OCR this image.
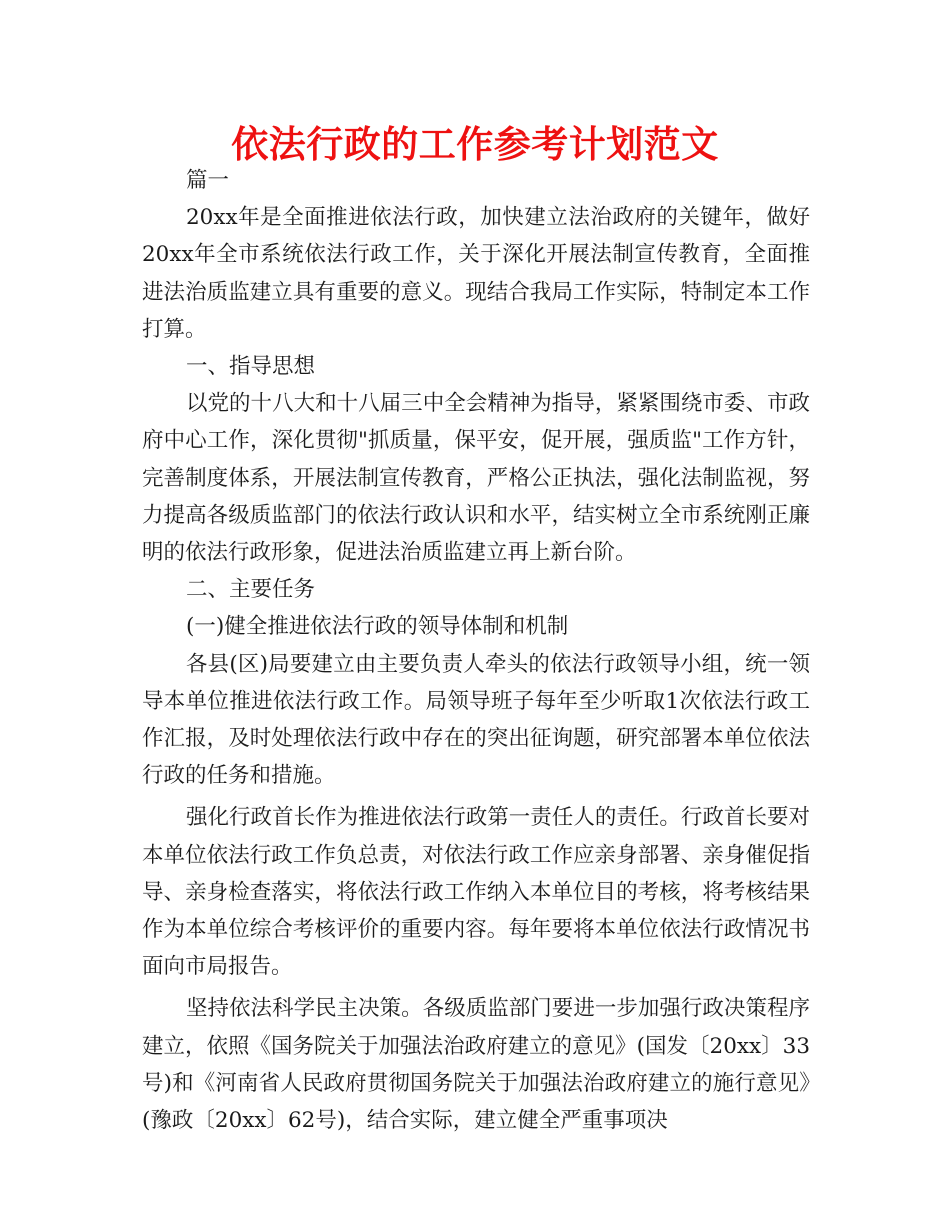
依法行政的工作参考计划范文

篇一

20xx年是全面推进依法行政，加快建立法治政府的关键年，做好20xx年全市系统依法行政工作，关于深化开展法制宣传教育，全面推进法治质监建立具有重要的意义。现结合我局工作实际，特制定本工作打算。

一、指导思想

以党的十八大和十八届三中全会精神为指导，紧紧围绕市委、市政府中心工作，深化贯彻"抓质量，保平安，促开展，强质监"工作方针，完善制度体系，开展法制宣传教育，严格公正执法，强化法制监视，努力提高各级质监部门的依法行政认识和水平，结实树立全市系统刚正廉明的依法行政形象，促进法治质监建立再上新台阶。

二、主要任务

(一)健全推进依法行政的领导体制和机制

各县(区)局要建立由主要负责人牵头的依法行政领导小组，统一领导本单位推进依法行政工作。局领导班子每年至少听取1次依法行政工作汇报，及时处理依法行政中存在的突出征询题，研究部署本单位依法行政的任务和措施。

强化行政首长作为推进依法行政第一责任人的责任。行政首长要对本单位依法行政工作负总责，对依法行政工作应亲身部署、亲身催促指导、亲身检查落实，将依法行政工作纳入本单位目的考核，将考核结果作为本单位综合考核评价的重要内容。每年要将本单位依法行政情况书面向市局报告。

坚持依法科学民主决策。各级质监部门要进一步加强行政决策程序建立，依照《国务院关于加强法治政府建立的意见》(国发〔20xx〕33号)和《河南省人民政府贯彻国务院关于加强法治政府建立的施行意见》(豫政〔20xx〕62号)，结合实际，建立健全严重事项决
